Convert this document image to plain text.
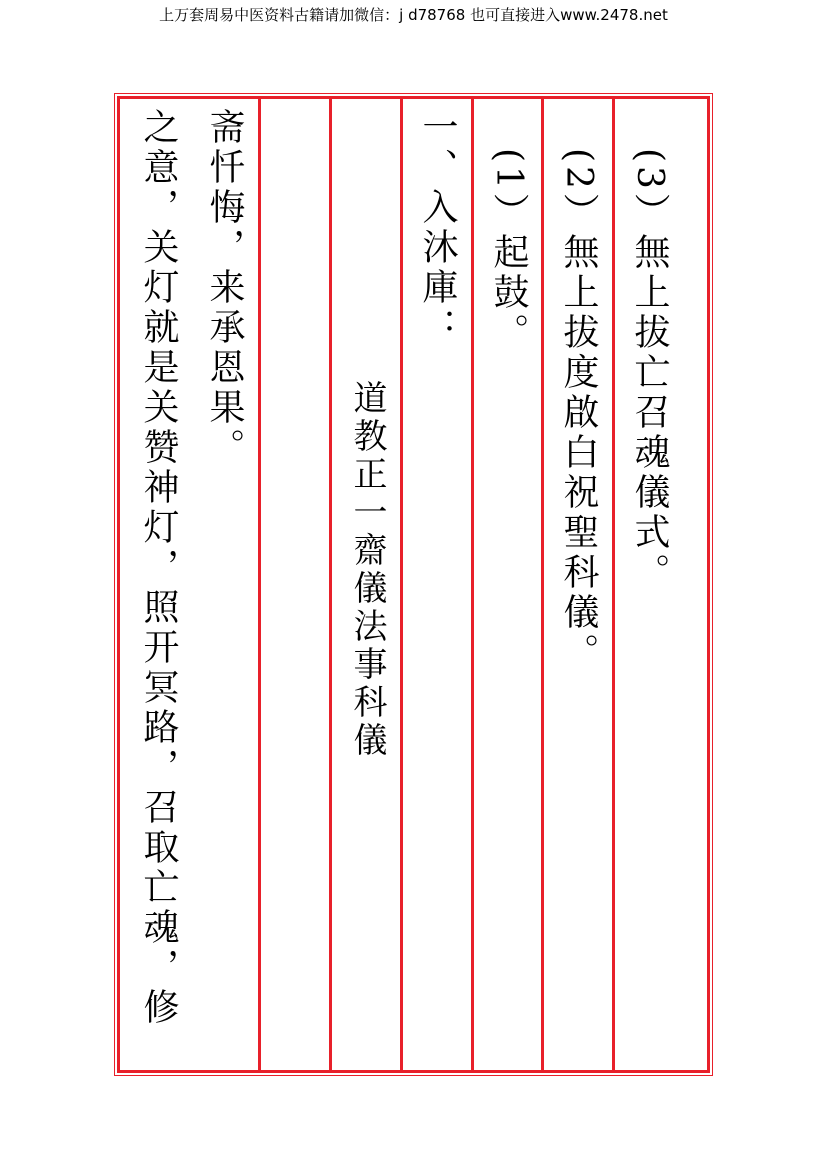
上万套周易中医资料古籍请加微信：j d78768 也可直接进入www.2478.net
(3）無上拔亡召魂儀式。
(2）無上拔度啟白祝聖科儀。
(1）起鼓。
一、入沐庫：
道教正一齋儀法事科儀
斋忏悔，来承恩果。
之意，关灯就是关赞神灯，照开冥路，召取亡魂，修
